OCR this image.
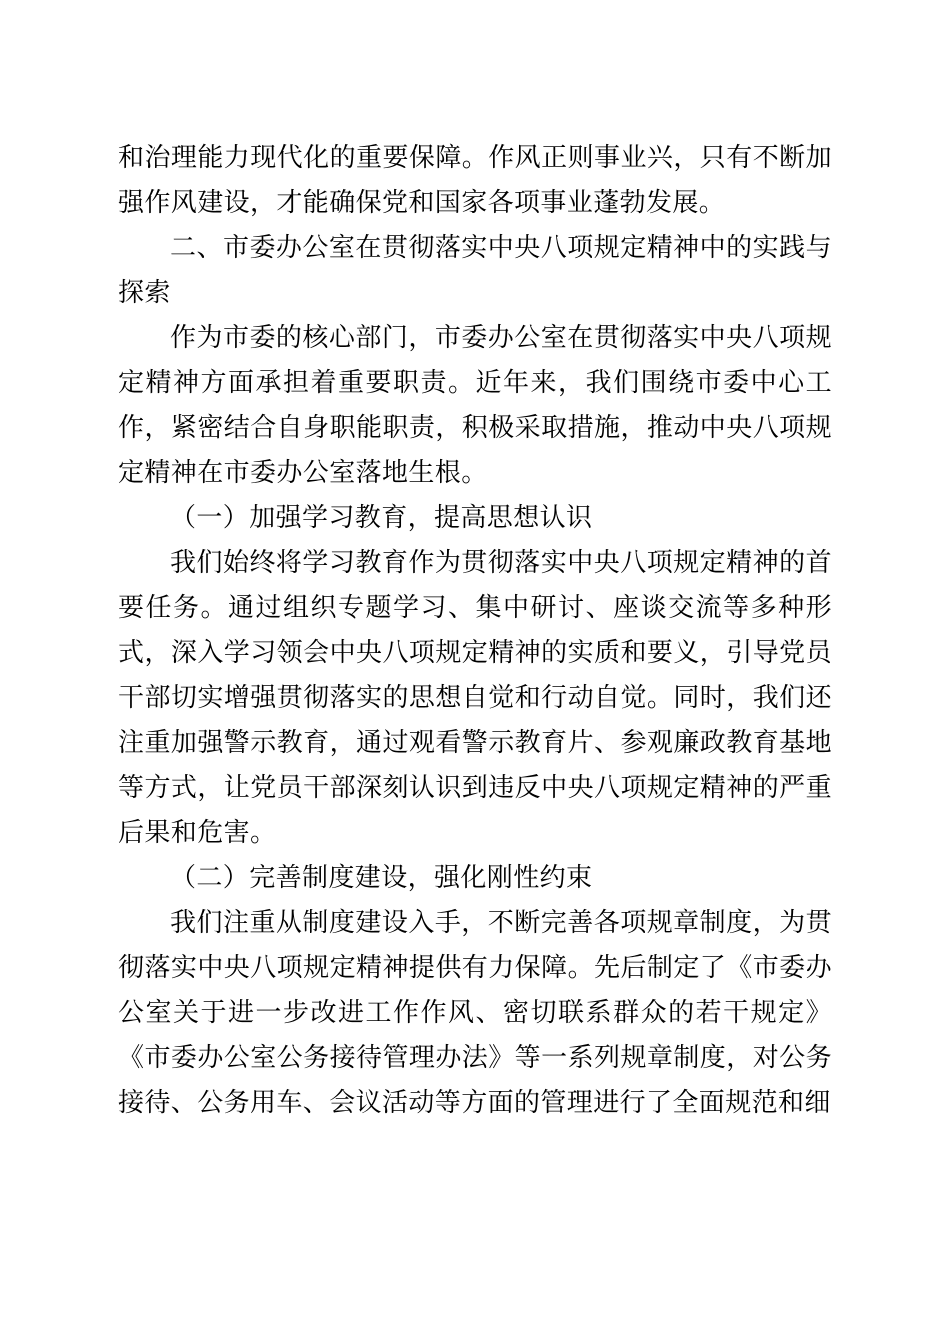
和治理能力现代化的重要保障。作风正则事业兴，只有不断加强作风建设，才能确保党和国家各项事业蓬勃发展。

二、市委办公室在贯彻落实中央八项规定精神中的实践与探索

作为市委的核心部门，市委办公室在贯彻落实中央八项规定精神方面承担着重要职责。近年来，我们围绕市委中心工作，紧密结合自身职能职责，积极采取措施，推动中央八项规定精神在市委办公室落地生根。

（一）加强学习教育，提高思想认识

我们始终将学习教育作为贯彻落实中央八项规定精神的首要任务。通过组织专题学习、集中研讨、座谈交流等多种形式，深入学习领会中央八项规定精神的实质和要义，引导党员干部切实增强贯彻落实的思想自觉和行动自觉。同时，我们还注重加强警示教育，通过观看警示教育片、参观廉政教育基地等方式，让党员干部深刻认识到违反中央八项规定精神的严重后果和危害。

（二）完善制度建设，强化刚性约束

我们注重从制度建设入手，不断完善各项规章制度，为贯彻落实中央八项规定精神提供有力保障。先后制定了《市委办公室关于进一步改进工作作风、密切联系群众的若干规定》《市委办公室公务接待管理办法》等一系列规章制度，对公务接待、公务用车、会议活动等方面的管理进行了全面规范和细
